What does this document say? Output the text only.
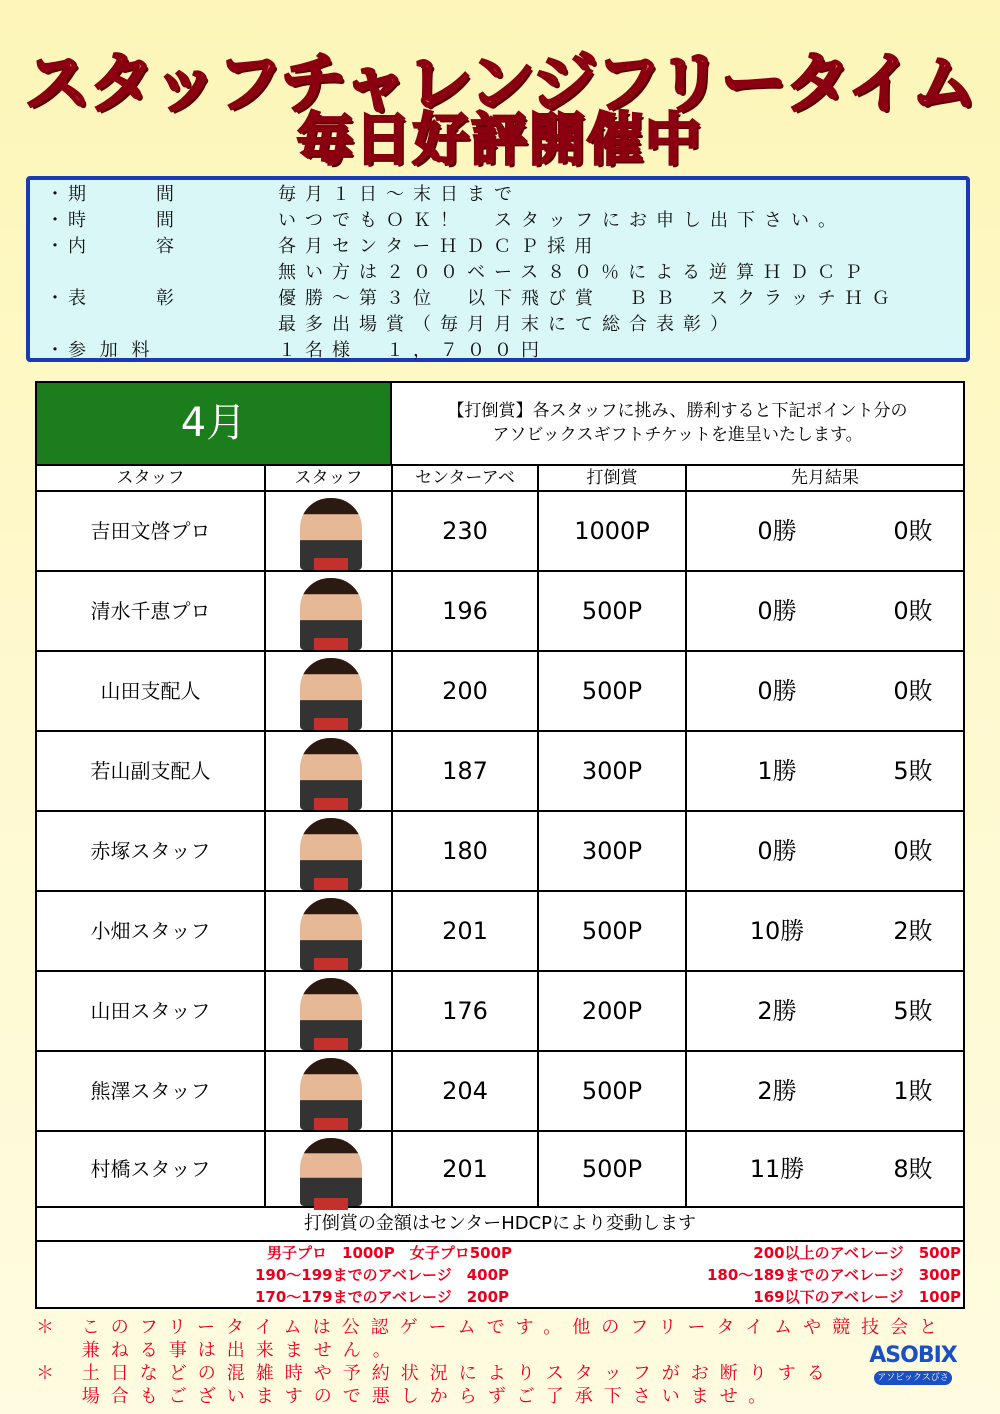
スタッフチャレンジフリータイム
毎日好評開催中
・期　　　間	毎月１日～末日まで
・時　　　間	いつでもＯＫ！　スタッフにお申し出下さい。
・内　　　容	各月センターＨＤＣＰ採用
無い方は２００ベース８０％による逆算ＨＤＣＰ
・表　　　彰	優勝～第３位　以下飛び賞　ＢＢ　スクラッチＨＧ
最多出場賞（毎月月末にて総合表彰）
・参 加 料	１名様　１，７００円
4月	【打倒賞】各スタッフに挑み、勝利すると下記ポイント分の
アソビックスギフトチケットを進呈いたします。
スタッフ	スタッフ	センターアベ	打倒賞	先月結果
吉田文啓プロ	230	1000P	0勝	0敗
清水千恵プロ	196	500P	0勝	0敗
山田支配人	200	500P	0勝	0敗
若山副支配人	187	300P	1勝	5敗
赤塚スタッフ	180	300P	0勝	0敗
小畑スタッフ	201	500P	10勝	2敗
山田スタッフ	176	200P	2勝	5敗
熊澤スタッフ	204	500P	2勝	1敗
村橋スタッフ	201	500P	11勝	8敗
打倒賞の金額はセンターHDCPにより変動します
男子プロ　1000P　女子プロ500P
190～199までのアベレージ　400P
170～179までのアベレージ　200P
200以上のアベレージ　500P
180～189までのアベレージ　300P
169以下のアベレージ　100P
＊ このフリータイムは公認ゲームです。他のフリータイムや競技会と
　 兼ねる事は出来ません。
＊ 土日などの混雑時や予約状況によりスタッフがお断りする
　 場合もございますので悪しからずご了承下さいませ。
ASOBIX
アソビックスびさい
